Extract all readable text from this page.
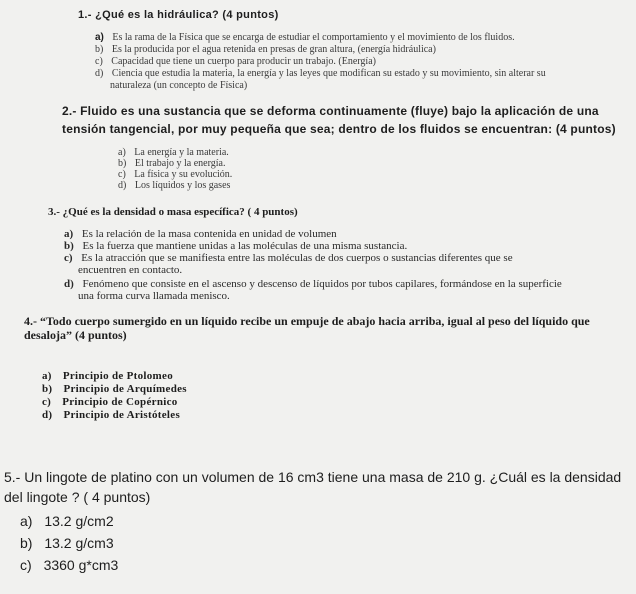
1.- ¿Qué es la hidráulica? (4 puntos)
a) Es la rama de la Física que se encarga de estudiar el comportamiento y el movimiento de los fluidos.
b) Es la producida por el agua retenida en presas de gran altura, (energía hidráulica)
c) Capacidad que tiene un cuerpo para producir un trabajo. (Energía)
d) Ciencia que estudia la materia, la energía y las leyes que modifican su estado y su movimiento, sin alterar su
naturaleza (un concepto de Física)
2.- Fluido es una sustancia que se deforma continuamente (fluye) bajo la aplicación de una tensión tangencial, por muy pequeña que sea; dentro de los fluidos se encuentran: (4 puntos)
a) La energía y la materia.
b) El trabajo y la energía.
c) La física y su evolución.
d) Los líquidos y los gases
3.- ¿Qué es la densidad o masa específica? ( 4 puntos)
a) Es la relación de la masa contenida en unidad de volumen
b) Es la fuerza que mantiene unidas a las moléculas de una misma sustancia.
c) Es la atracción que se manifiesta entre las moléculas de dos cuerpos o sustancias diferentes que se
encuentren en contacto.
d) Fenómeno que consiste en el ascenso y descenso de líquidos por tubos capilares, formándose en la superficie
una forma curva llamada menisco.
4.- “Todo cuerpo sumergido en un líquido recibe un empuje de abajo hacia arriba, igual al peso del líquido que desaloja” (4 puntos)
a) Principio de Ptolomeo
b) Principio de Arquímedes
c) Principio de Copérnico
d) Principio de Aristóteles
5.- Un lingote de platino con un volumen de 16 cm3 tiene una masa de 210 g. ¿Cuál es la densidad del lingote ? ( 4 puntos)
a) 13.2 g/cm2
b) 13.2 g/cm3
c) 3360 g*cm3
